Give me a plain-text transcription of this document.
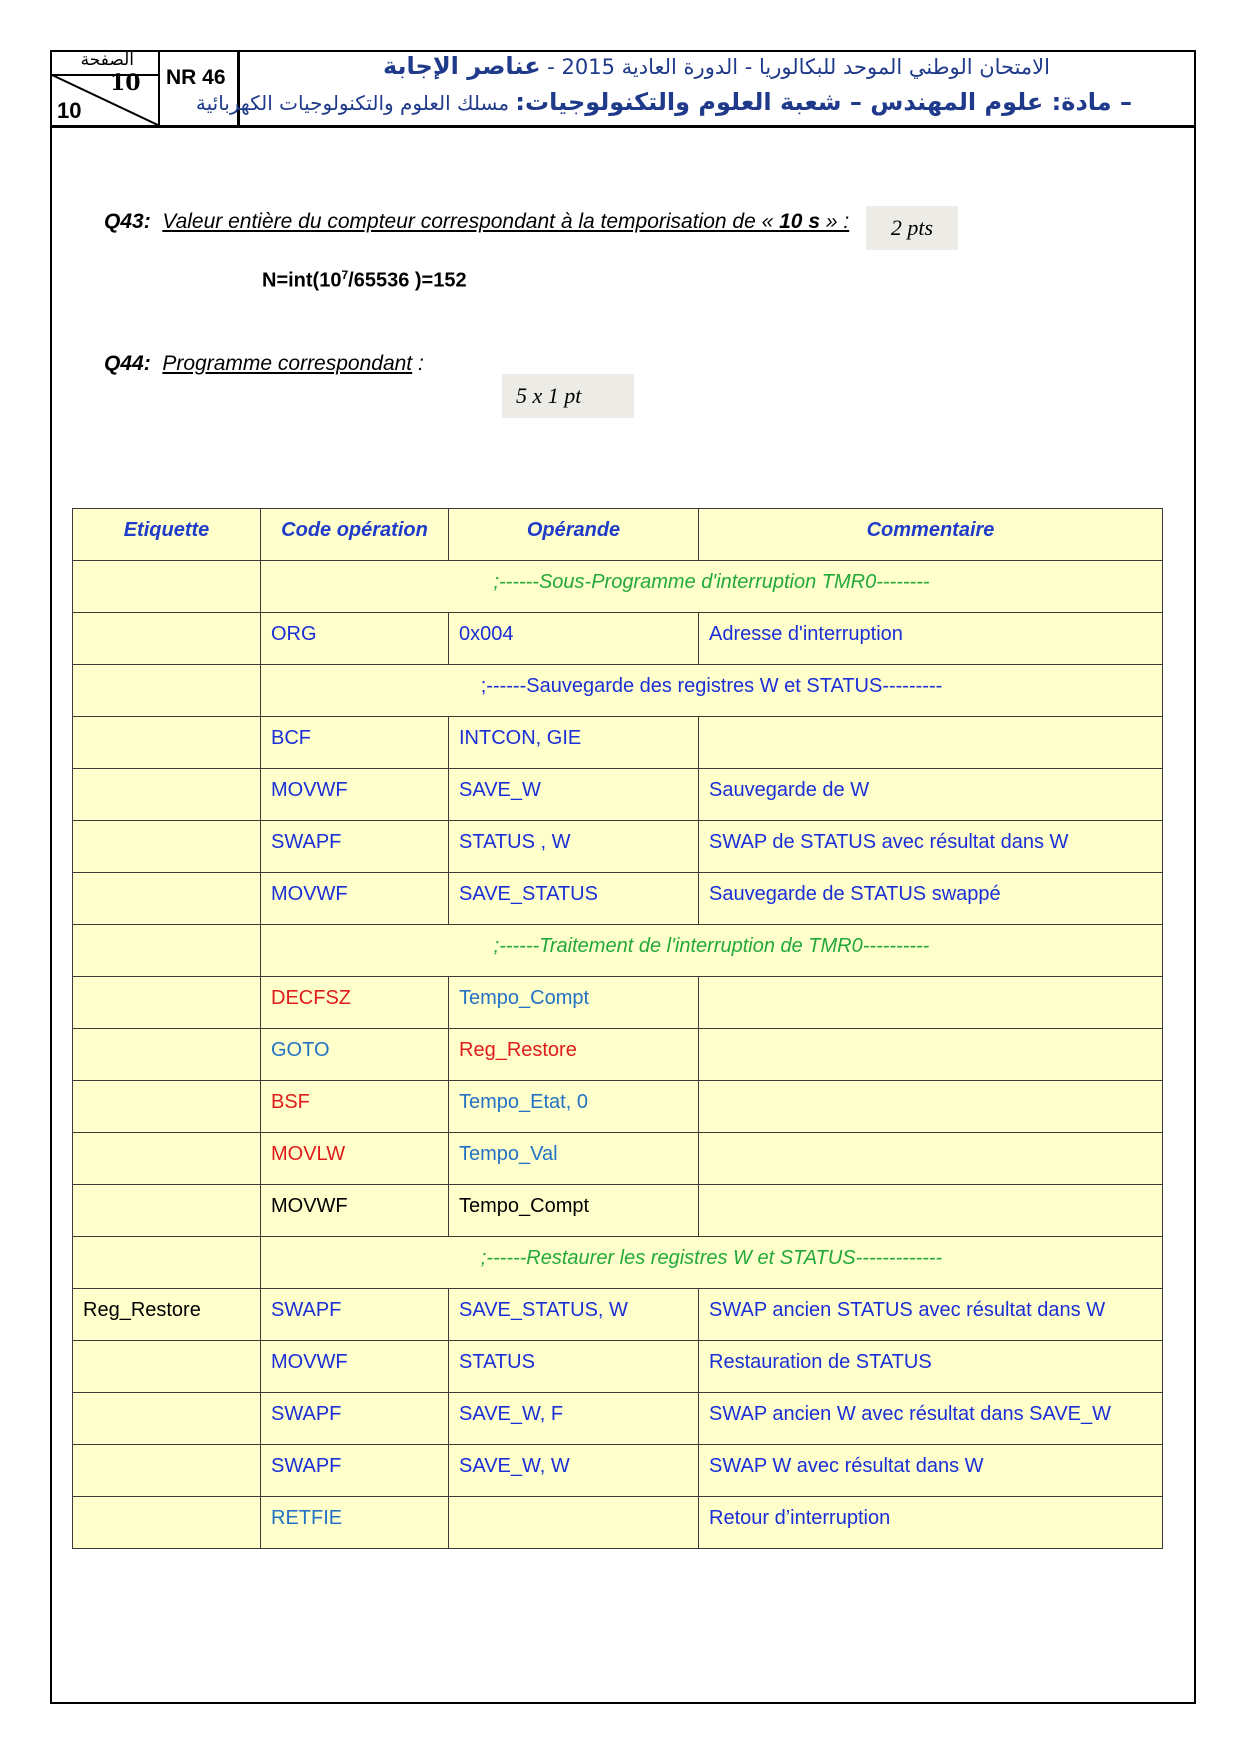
الصفحة
10
10
NR 46	الامتحان الوطني الموحد للبكالوريا - الدورة العادية 2015 - عناصر الإجابة
– مادة: علوم المهندس – شعبة العلوم والتكنولوجيات: مسلك العلوم والتكنولوجيات الكهربائية
Q43: Valeur entière du compteur correspondant à la temporisation de « 10 s » :	2 pts
$N=int(10^7/65536$ )=152
Q44: Programme correspondant :
5 x 1 pt
Etiquette	Code opération	Opérande	Commentaire
	;------Sous-Programme d'interruption TMR0--------		
	ORG	0x004	Adresse d'interruption
	;------Sauvegarde des registres W et STATUS---------		
	BCF	INTCON, GIE	
	MOVWF	SAVE_W	Sauvegarde de W
	SWAPF	STATUS , W	SWAP de STATUS avec résultat dans W
	MOVWF	SAVE_STATUS	Sauvegarde de STATUS swappé
	;------Traitement de l'interruption de TMR0----------		
	DECFSZ	Tempo_Compt	
	GOTO	Reg_Restore	
	BSF	Tempo_Etat, 0	
	MOVLW	Tempo_Val	
	MOVWF	Tempo_Compt	
	;------Restaurer les registres W et STATUS-------------		
Reg_Restore	SWAPF	SAVE_STATUS, W	SWAP ancien STATUS avec résultat dans W
	MOVWF	STATUS	Restauration de STATUS
	SWAPF	SAVE_W, F	SWAP ancien W avec résultat dans SAVE_W
	SWAPF	SAVE_W, W	SWAP W avec résultat dans W
	RETFIE		Retour d’interruption
